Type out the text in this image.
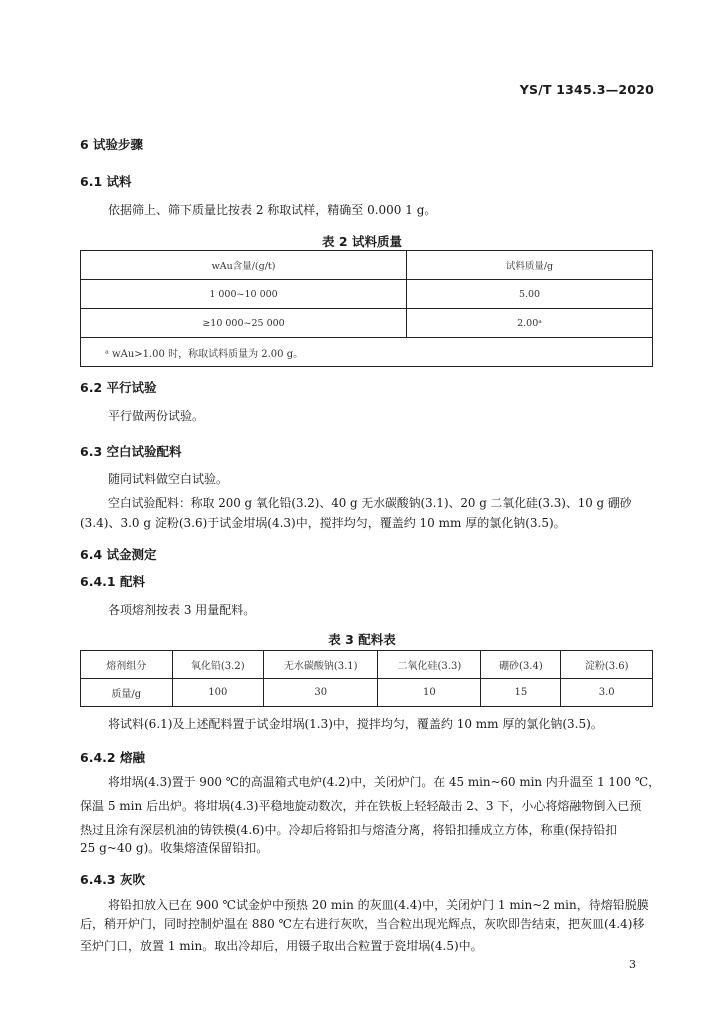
YS/T 1345.3—2020
6 试验步骤
6.1 试料
依据筛上、筛下质量比按表 2 称取试样，精确至 0.000 1 g。
表 2 试料质量
wAu含量/(g/t)	试料质量/g
1 000~10 000	5.00
≥10 000~25 000	2.00ᵃ
ᵃ wAu>1.00 时，称取试料质量为 2.00 g。	
6.2 平行试验
平行做两份试验。
6.3 空白试验配料
随同试料做空白试验。
空白试验配料：称取 200 g 氧化铅(3.2)、40 g 无水碳酸钠(3.1)、20 g 二氧化硅(3.3)、10 g 硼砂
(3.4)、3.0 g 淀粉(3.6)于试金坩埚(4.3)中，搅拌均匀，覆盖约 10 mm 厚的氯化钠(3.5)。
6.4 试金测定
6.4.1 配料
各项熔剂按表 3 用量配料。
表 3 配料表
熔剂组分	氧化铅(3.2)	无水碳酸钠(3.1)	二氧化硅(3.3)	硼砂(3.4)	淀粉(3.6)
质量/g	100	30	10	15	3.0
将试料(6.1)及上述配料置于试金坩埚(1.3)中，搅拌均匀，覆盖约 10 mm 厚的氯化钠(3.5)。
6.4.2 熔融
将坩埚(4.3)置于 900 ℃的高温箱式电炉(4.2)中，关闭炉门。在 45 min~60 min 内升温至 1 100 ℃，
保温 5 min 后出炉。将坩埚(4.3)平稳地旋动数次，并在铁板上轻轻敲击 2、3 下，小心将熔融物倒入已预
热过且涂有深层机油的铸铁模(4.6)中。冷却后将铅扣与熔渣分离，将铅扣捶成立方体，称重(保持铅扣
25 g~40 g)。收集熔渣保留铅扣。
6.4.3 灰吹
将铅扣放入已在 900 ℃试金炉中预热 20 min 的灰皿(4.4)中，关闭炉门 1 min~2 min，待熔铅脱膜
后，稍开炉门，同时控制炉温在 880 ℃左右进行灰吹，当合粒出现光辉点，灰吹即告结束，把灰皿(4.4)移
至炉门口，放置 1 min。取出冷却后，用镊子取出合粒置于瓷坩埚(4.5)中。
3
